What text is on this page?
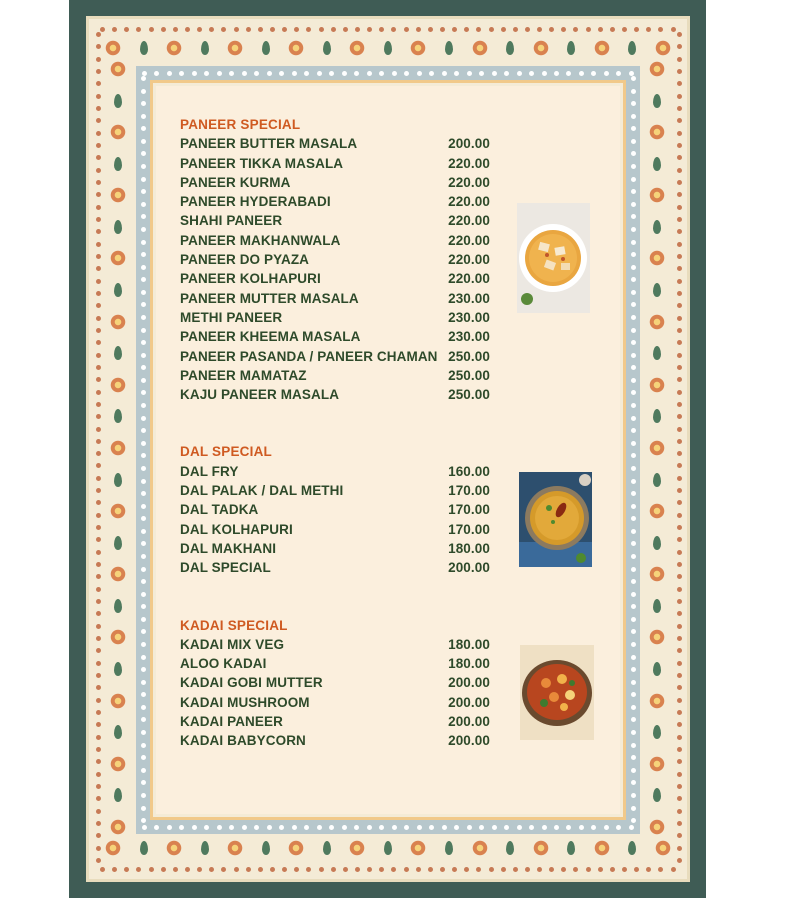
PANEER SPECIAL
PANEER BUTTER MASALA	200.00
PANEER TIKKA MASALA	220.00
PANEER KURMA	220.00
PANEER HYDERABADI	220.00
SHAHI PANEER	220.00
PANEER MAKHANWALA	220.00
PANEER DO PYAZA	220.00
PANEER KOLHAPURI	220.00
PANEER MUTTER MASALA	230.00
METHI PANEER	230.00
PANEER KHEEMA MASALA	230.00
PANEER PASANDA / PANEER CHAMAN 250.00
PANEER MAMATAZ	250.00
KAJU PANEER MASALA	250.00
DAL SPECIAL
DAL FRY	160.00
DAL PALAK / DAL METHI	170.00
DAL TADKA	170.00
DAL KOLHAPURI	170.00
DAL MAKHANI	180.00
DAL SPECIAL	200.00
KADAI SPECIAL
KADAI MIX VEG	180.00
ALOO KADAI	180.00
KADAI GOBI MUTTER	200.00
KADAI MUSHROOM	200.00
KADAI PANEER	200.00
KADAI BABYCORN	200.00
